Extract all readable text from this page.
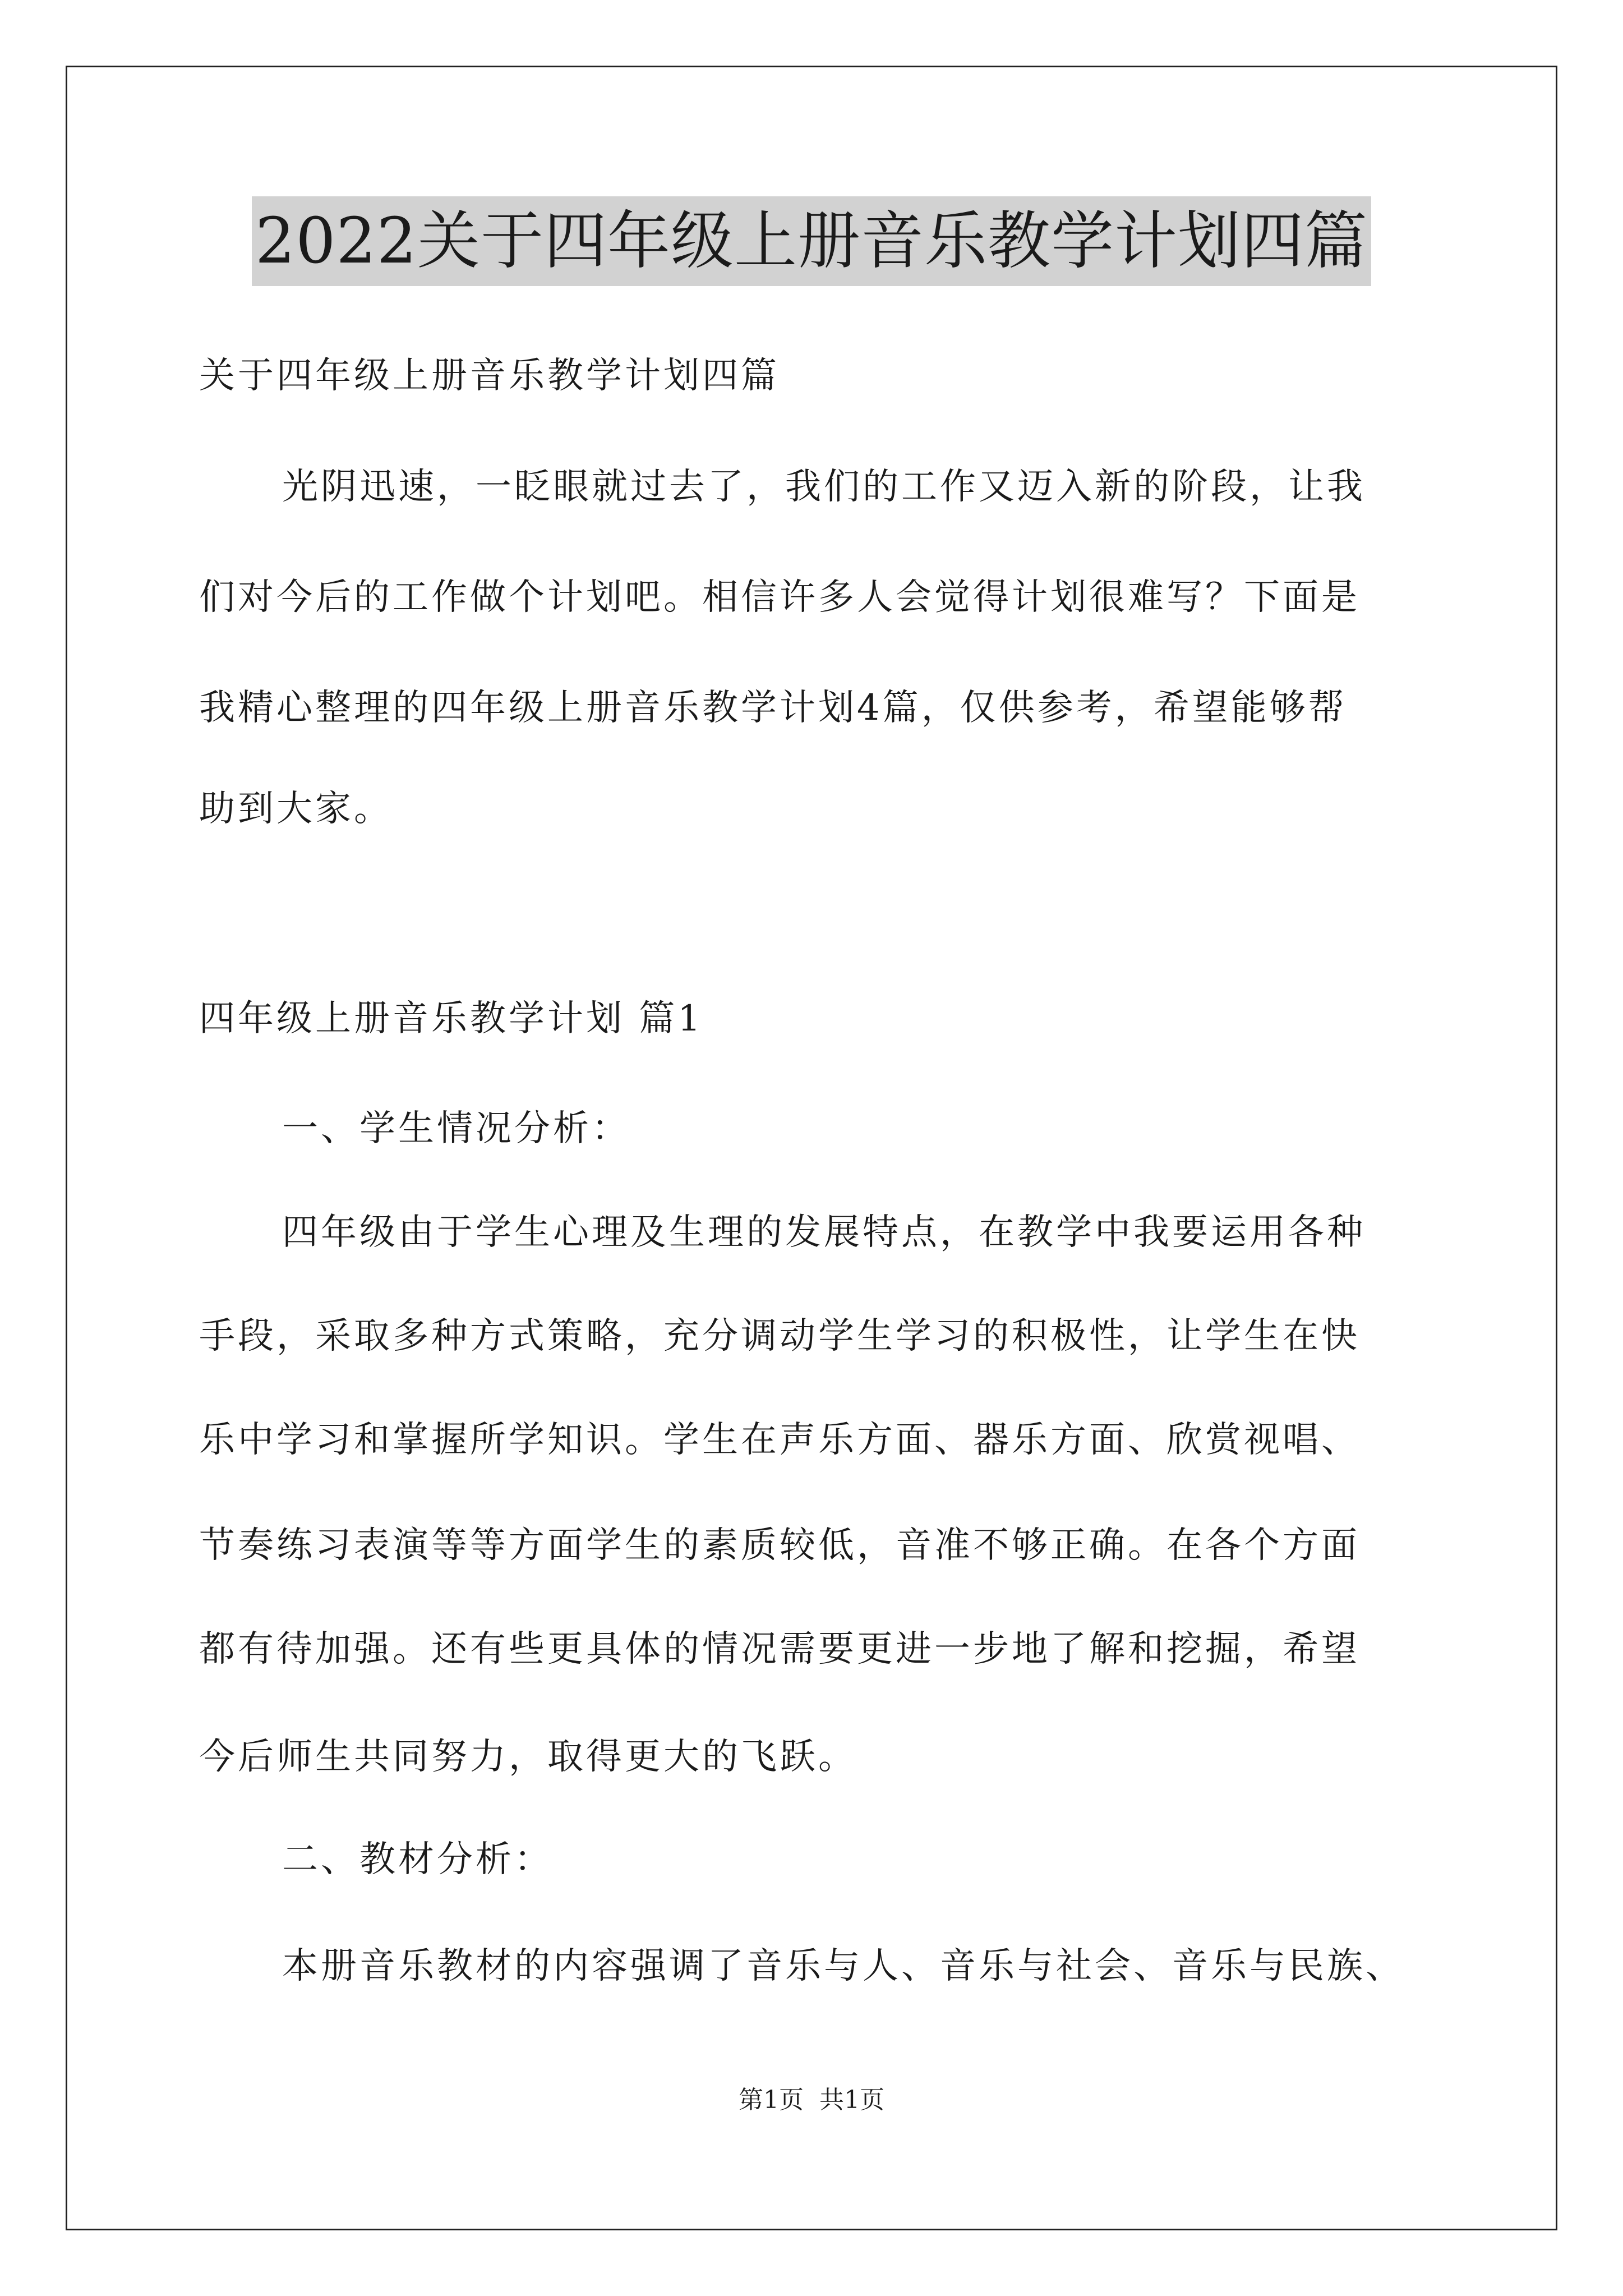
2022关于四年级上册音乐教学计划四篇
关于四年级上册音乐教学计划四篇
光阴迅速，一眨眼就过去了，我们的工作又迈入新的阶段，让我
们对今后的工作做个计划吧。相信许多人会觉得计划很难写？下面是
我精心整理的四年级上册音乐教学计划4篇，仅供参考，希望能够帮
助到大家。
四年级上册音乐教学计划 篇1
一、学生情况分析：
四年级由于学生心理及生理的发展特点，在教学中我要运用各种
手段，采取多种方式策略，充分调动学生学习的积极性，让学生在快
乐中学习和掌握所学知识。学生在声乐方面、器乐方面、欣赏视唱、
节奏练习表演等等方面学生的素质较低，音准不够正确。在各个方面
都有待加强。还有些更具体的情况需要更进一步地了解和挖掘，希望
今后师生共同努力，取得更大的飞跃。
二、教材分析：
本册音乐教材的内容强调了音乐与人、音乐与社会、音乐与民族、
第1页  共1页
